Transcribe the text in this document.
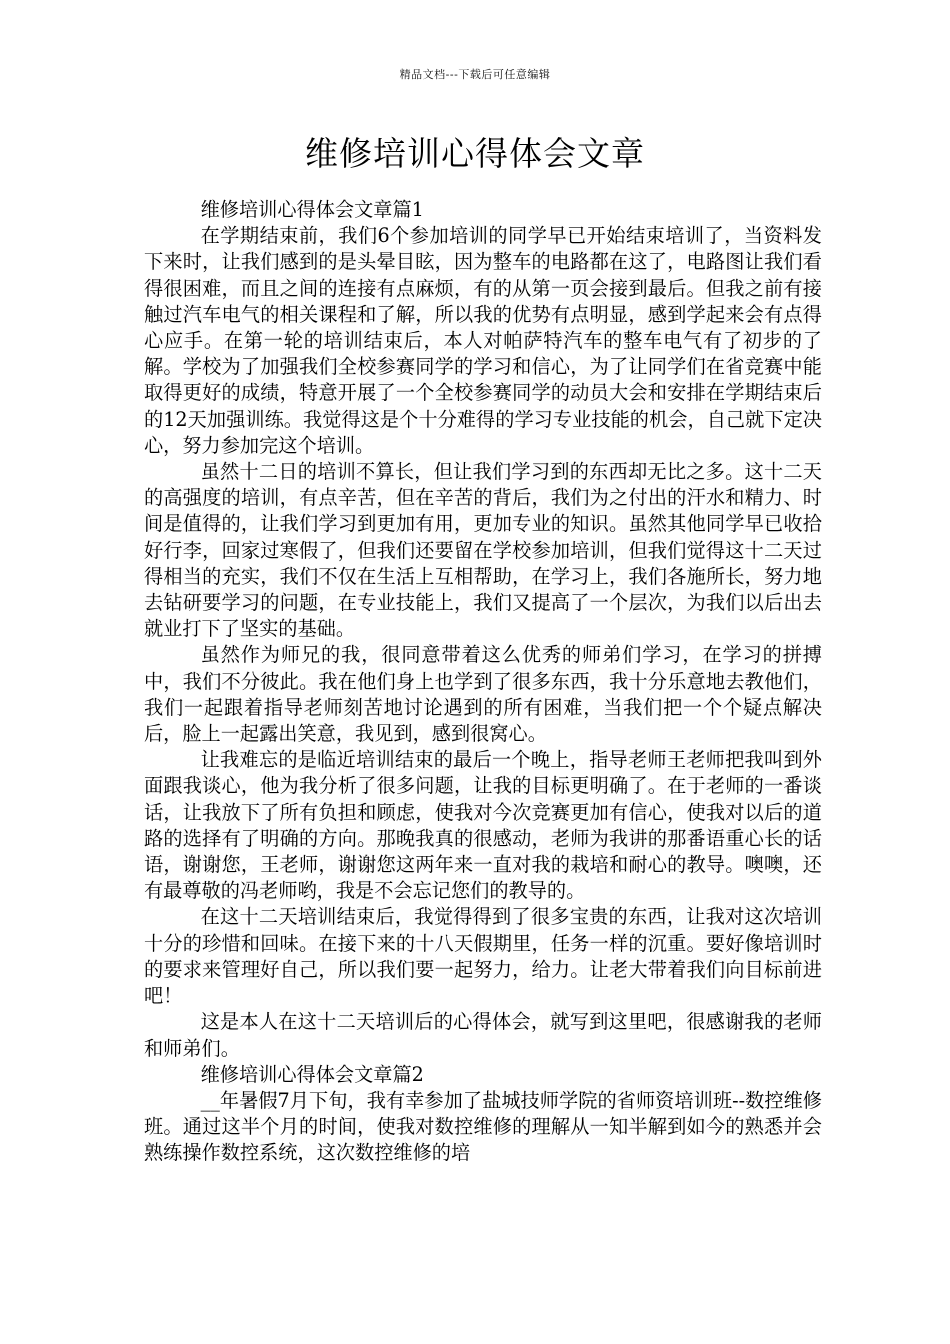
精品文档---下载后可任意编辑
维修培训心得体会文章

维修培训心得体会文章篇1

在学期结束前，我们6个参加培训的同学早已开始结束培训了，当资料发下来时，让我们感到的是头晕目眩，因为整车的电路都在这了，电路图让我们看得很困难，而且之间的连接有点麻烦，有的从第一页会接到最后。但我之前有接触过汽车电气的相关课程和了解，所以我的优势有点明显，感到学起来会有点得心应手。在第一轮的培训结束后，本人对帕萨特汽车的整车电气有了初步的了解。学校为了加强我们全校参赛同学的学习和信心，为了让同学们在省竞赛中能取得更好的成绩，特意开展了一个全校参赛同学的动员大会和安排在学期结束后的12天加强训练。我觉得这是个十分难得的学习专业技能的机会，自己就下定决心，努力参加完这个培训。

虽然十二日的培训不算长，但让我们学习到的东西却无比之多。这十二天的高强度的培训，有点辛苦，但在辛苦的背后，我们为之付出的汗水和精力、时间是值得的，让我们学习到更加有用，更加专业的知识。虽然其他同学早已收拾好行李，回家过寒假了，但我们还要留在学校参加培训，但我们觉得这十二天过得相当的充实，我们不仅在生活上互相帮助，在学习上，我们各施所长，努力地去钻研要学习的问题，在专业技能上，我们又提高了一个层次，为我们以后出去就业打下了坚实的基础。

虽然作为师兄的我，很同意带着这么优秀的师弟们学习，在学习的拼搏中，我们不分彼此。我在他们身上也学到了很多东西，我十分乐意地去教他们，我们一起跟着指导老师刻苦地讨论遇到的所有困难，当我们把一个个疑点解决后，脸上一起露出笑意，我见到，感到很窝心。

让我难忘的是临近培训结束的最后一个晚上，指导老师王老师把我叫到外面跟我谈心，他为我分析了很多问题，让我的目标更明确了。在于老师的一番谈话，让我放下了所有负担和顾虑，使我对今次竞赛更加有信心，使我对以后的道路的选择有了明确的方向。那晚我真的很感动，老师为我讲的那番语重心长的话语，谢谢您，王老师，谢谢您这两年来一直对我的栽培和耐心的教导。噢噢，还有最尊敬的冯老师哟，我是不会忘记您们的教导的。

在这十二天培训结束后，我觉得得到了很多宝贵的东西，让我对这次培训十分的珍惜和回味。在接下来的十八天假期里，任务一样的沉重。要好像培训时的要求来管理好自己，所以我们要一起努力，给力。让老大带着我们向目标前进吧！

这是本人在这十二天培训后的心得体会，就写到这里吧，很感谢我的老师和师弟们。

维修培训心得体会文章篇2

__年暑假7月下旬，我有幸参加了盐城技师学院的省师资培训班--数控维修班。通过这半个月的时间，使我对数控维修的理解从一知半解到如今的熟悉并会熟练操作数控系统，这次数控维修的培
